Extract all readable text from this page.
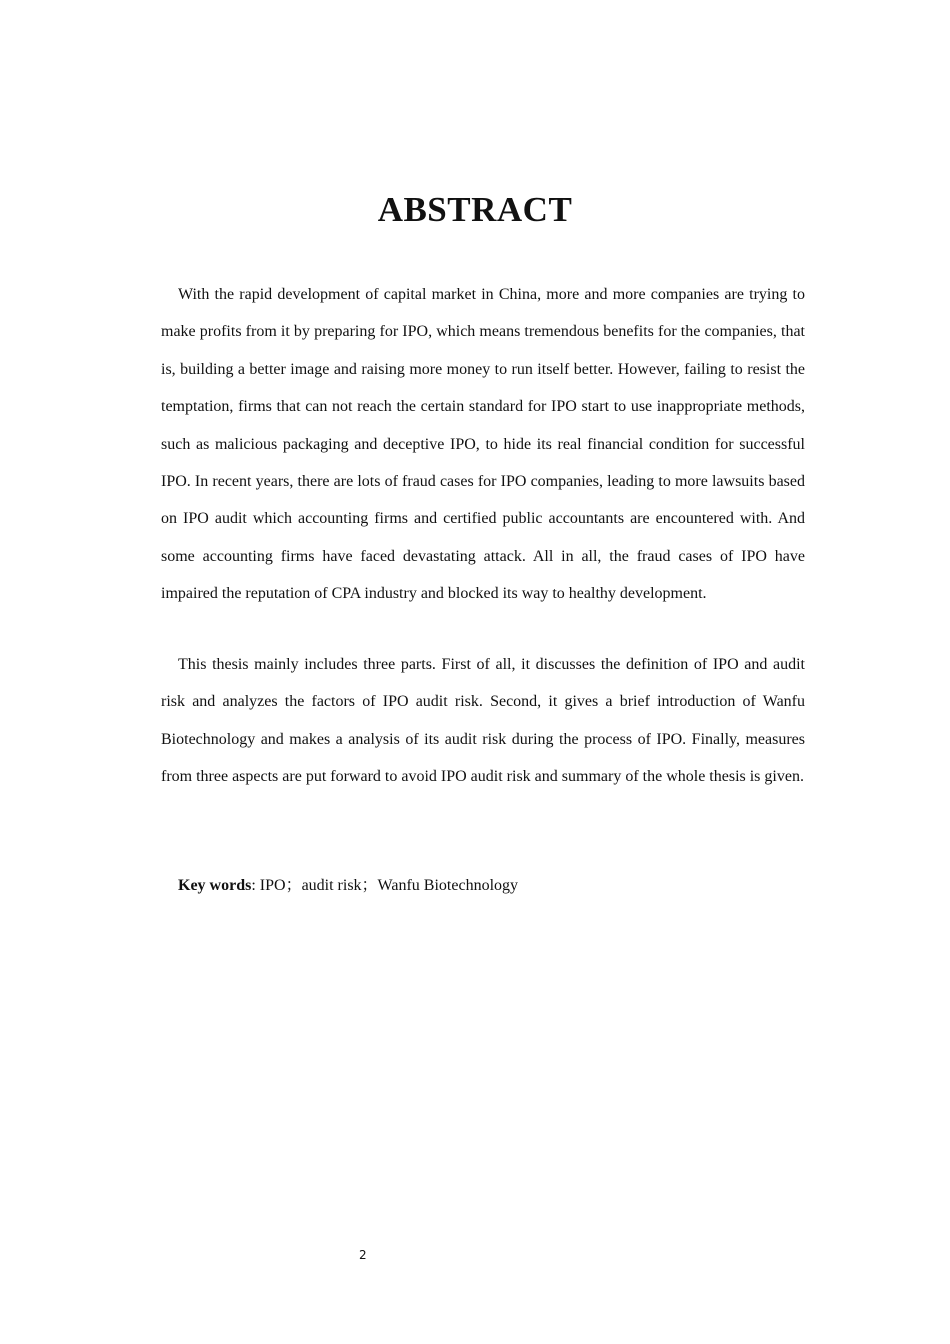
ABSTRACT

With the rapid development of capital market in China, more and more companies are trying to make profits from it by preparing for IPO, which means tremendous benefits for the companies, that is, building a better image and raising more money to run itself better. However, failing to resist the temptation, firms that can not reach the certain standard for IPO start to use inappropriate methods, such as malicious packaging and deceptive IPO, to hide its real financial condition for successful IPO. In recent years, there are lots of fraud cases for IPO companies, leading to more lawsuits based on IPO audit which accounting firms and certified public accountants are encountered with. And some accounting firms have faced devastating attack. All in all, the fraud cases of IPO have impaired the reputation of CPA industry and blocked its way to healthy development.

This thesis mainly includes three parts. First of all, it discusses the definition of IPO and audit risk and analyzes the factors of IPO audit risk. Second, it gives a brief introduction of Wanfu Biotechnology and makes a analysis of its audit risk during the process of IPO. Finally, measures from three aspects are put forward to avoid IPO audit risk and summary of the whole thesis is given.

Key words: IPO；audit risk；Wanfu Biotechnology

2
